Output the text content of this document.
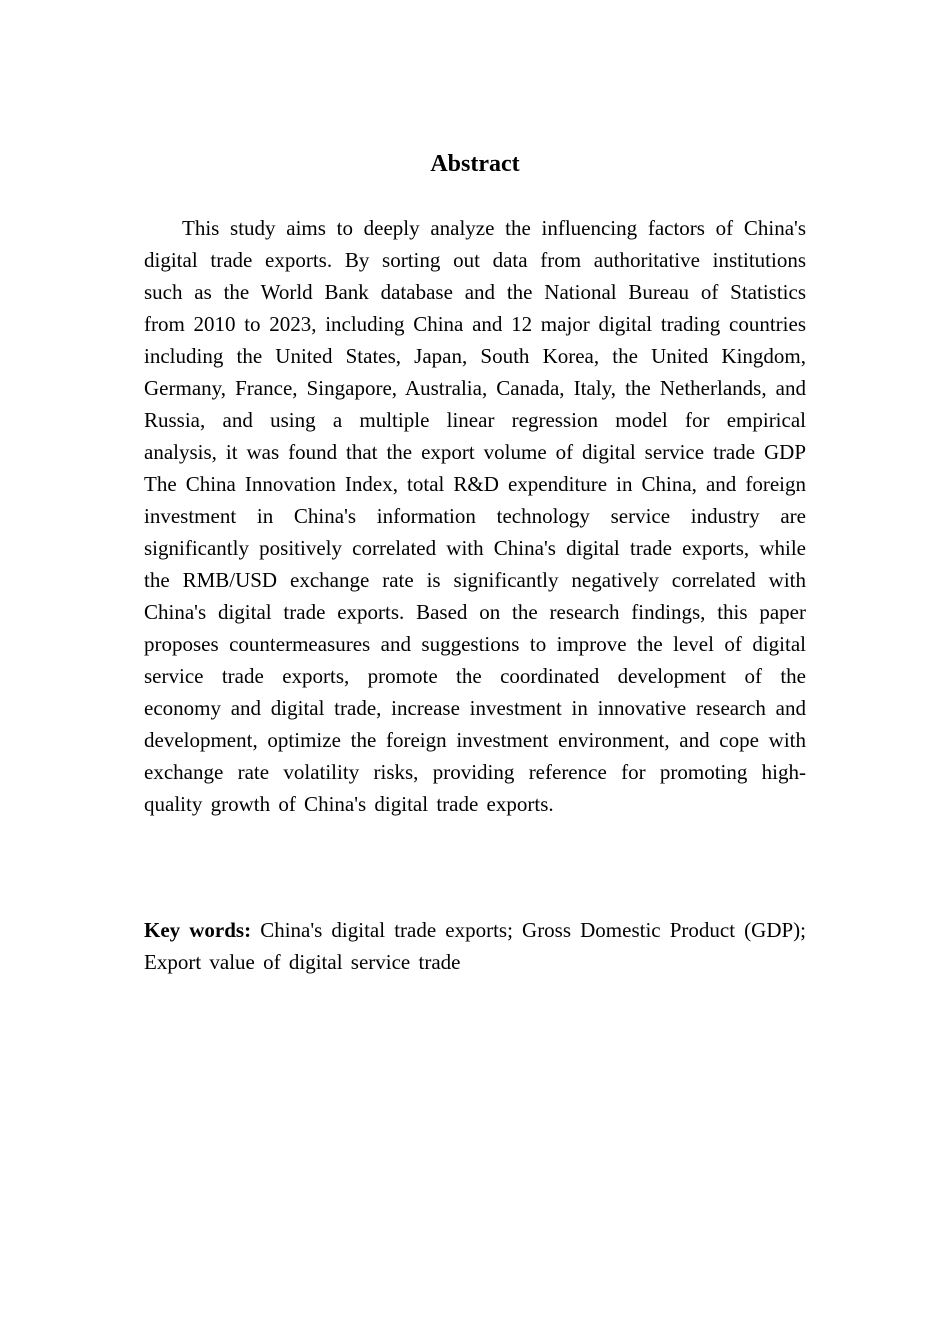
Abstract

This study aims to deeply analyze the influencing factors of China's digital trade exports. By sorting out data from authoritative institutions such as the World Bank database and the National Bureau of Statistics from 2010 to 2023, including China and 12 major digital trading countries including the United States, Japan, South Korea, the United Kingdom, Germany, France, Singapore, Australia, Canada, Italy, the Netherlands, and Russia, and using a multiple linear regression model for empirical analysis, it was found that the export volume of digital service trade GDP The China Innovation Index, total R&D expenditure in China, and foreign investment in China's information technology service industry are significantly positively correlated with China's digital trade exports, while the RMB/USD exchange rate is significantly negatively correlated with China's digital trade exports. Based on the research findings, this paper proposes countermeasures and suggestions to improve the level of digital service trade exports, promote the coordinated development of the economy and digital trade, increase investment in innovative research and development, optimize the foreign investment environment, and cope with exchange rate volatility risks, providing reference for promoting high-quality growth of China's digital trade exports.

Key words: China's digital trade exports; Gross Domestic Product (GDP); Export value of digital service trade
